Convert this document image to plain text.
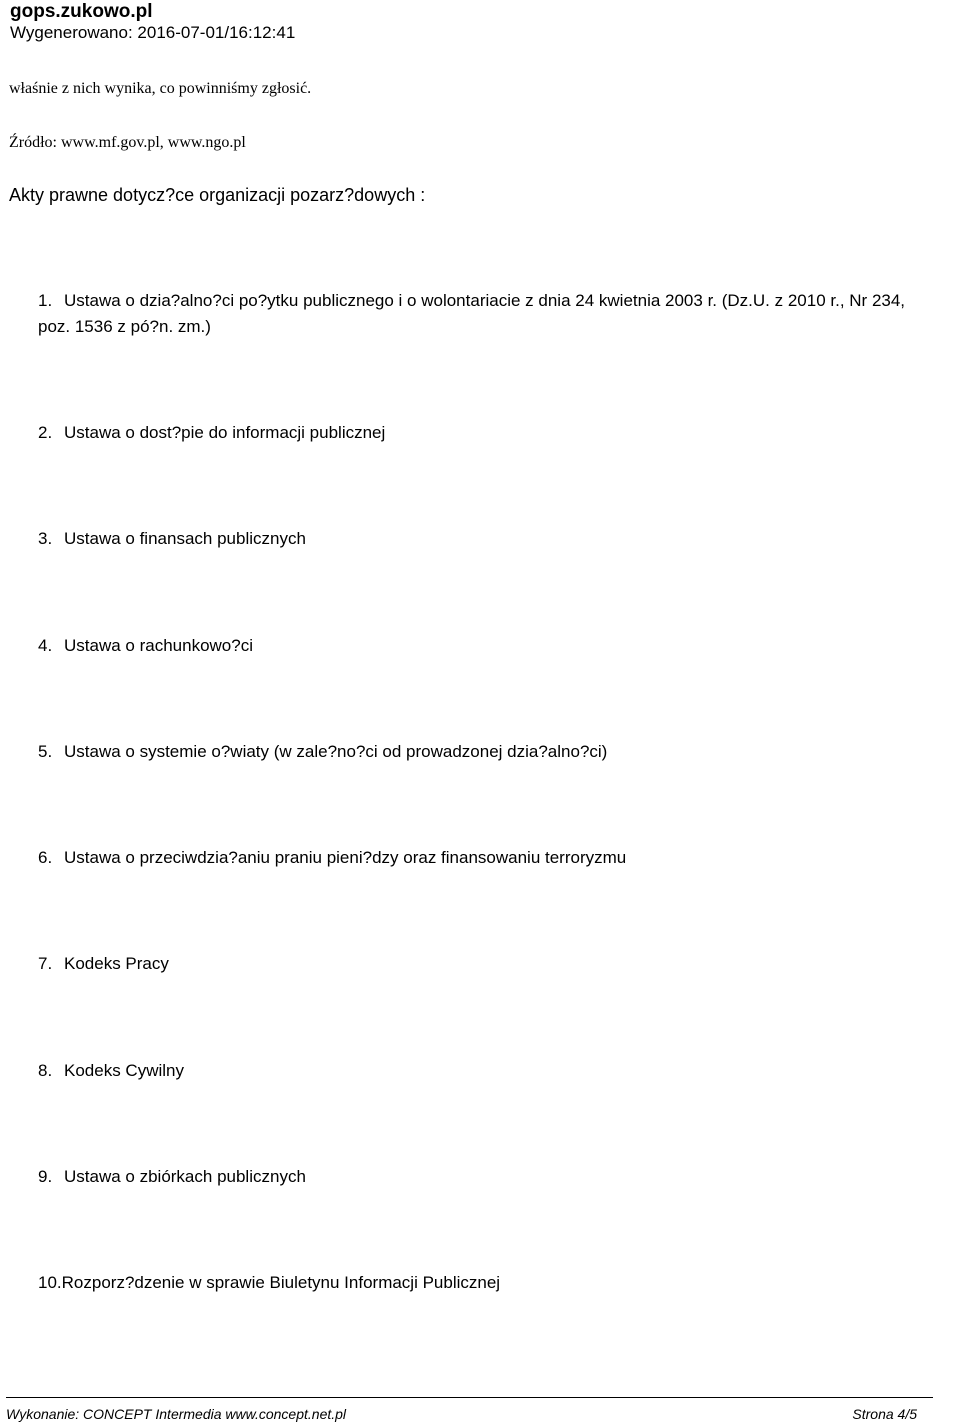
gops.zukowo.pl
Wygenerowano: 2016-07-01/16:12:41
właśnie z nich wynika, co powinniśmy zgłosić.
Źródło: www.mf.gov.pl, www.ngo.pl
Akty prawne dotycz?ce organizacji pozarz?dowych :
1. Ustawa o dzia?alno?ci po?ytku publicznego i o wolontariacie z dnia 24 kwietnia 2003 r. (Dz.U. z 2010 r., Nr 234, poz. 1536 z pó?n. zm.)
2. Ustawa o dost?pie do informacji publicznej
3. Ustawa o finansach publicznych
4. Ustawa o rachunkowo?ci
5. Ustawa o systemie o?wiaty (w zale?no?ci od prowadzonej dzia?alno?ci)
6. Ustawa o przeciwdzia?aniu praniu pieni?dzy oraz finansowaniu terroryzmu
7. Kodeks Pracy
8. Kodeks Cywilny
9. Ustawa o zbiórkach publicznych
10.Rozporz?dzenie w sprawie Biuletynu Informacji Publicznej
Wykonanie: CONCEPT Intermedia www.concept.net.pl	Strona 4/5
